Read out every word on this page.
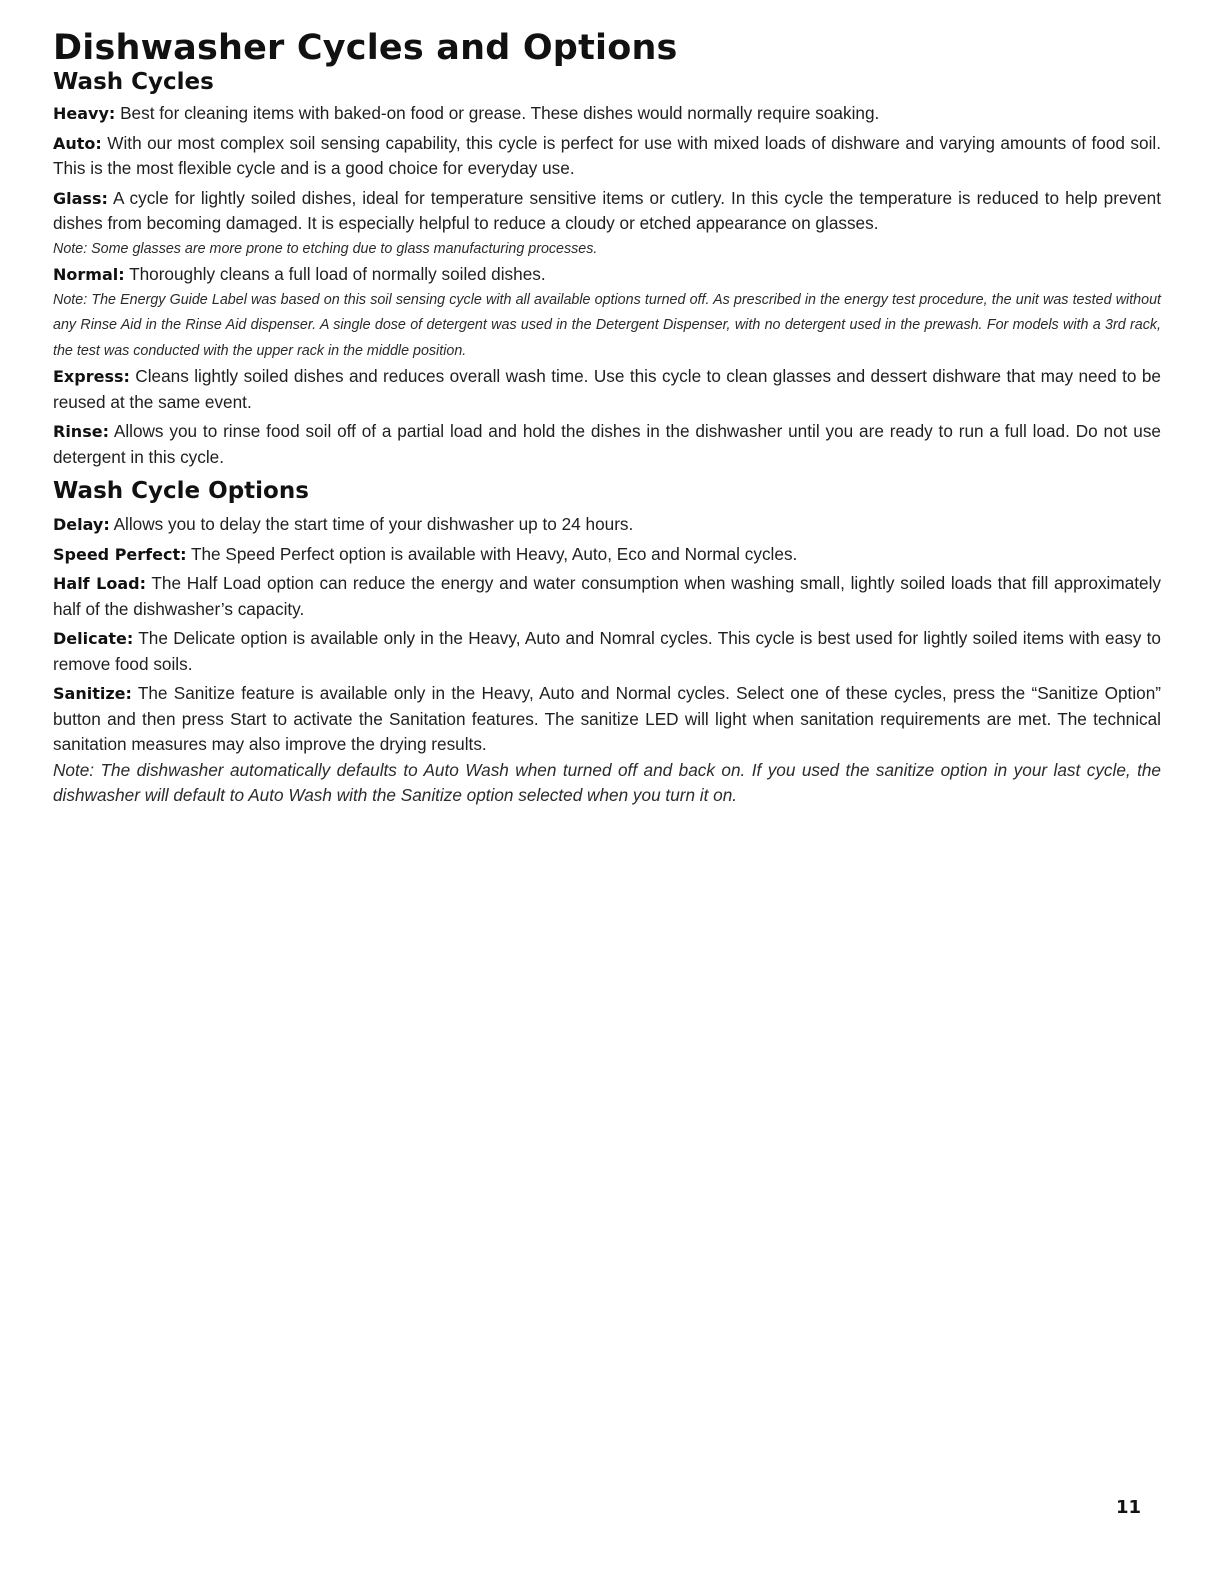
Dishwasher Cycles and Options
Wash Cycles

Heavy: Best for cleaning items with baked-on food or grease. These dishes would normally require soaking.

Auto: With our most complex soil sensing capability, this cycle is perfect for use with mixed loads of dishware and varying amounts of food soil. This is the most flexible cycle and is a good choice for everyday use.

Glass: A cycle for lightly soiled dishes, ideal for temperature sensitive items or cutlery. In this cycle the temperature is reduced to help prevent dishes from becoming damaged. It is especially helpful to reduce a cloudy or etched appearance on glasses.

Note: Some glasses are more prone to etching due to glass manufacturing processes.

Normal: Thoroughly cleans a full load of normally soiled dishes.

Note: The Energy Guide Label was based on this soil sensing cycle with all available options turned off. As prescribed in the energy test procedure, the unit was tested without any Rinse Aid in the Rinse Aid dispenser. A single dose of detergent was used in the Detergent Dispenser, with no detergent used in the prewash. For models with a 3rd rack, the test was conducted with the upper rack in the middle position.

Express: Cleans lightly soiled dishes and reduces overall wash time. Use this cycle to clean glasses and dessert dishware that may need to be reused at the same event.

Rinse: Allows you to rinse food soil off of a partial load and hold the dishes in the dishwasher until you are ready to run a full load. Do not use detergent in this cycle.

Wash Cycle Options

Delay: Allows you to delay the start time of your dishwasher up to 24 hours.

Speed Perfect: The Speed Perfect option is available with Heavy, Auto, Eco and Normal cycles.

Half Load: The Half Load option can reduce the energy and water consumption when washing small, lightly soiled loads that fill approximately half of the dishwasher’s capacity.

Delicate: The Delicate option is available only in the Heavy, Auto and Nomral cycles. This cycle is best used for lightly soiled items with easy to remove food soils.

Sanitize: The Sanitize feature is available only in the Heavy, Auto and Normal cycles. Select one of these cycles, press the “Sanitize Option” button and then press Start to activate the Sanitation features. The sanitize LED will light when sanitation requirements are met. The technical sanitation measures may also improve the drying results.

Note: The dishwasher automatically defaults to Auto Wash when turned off and back on. If you used the sanitize option in your last cycle, the dishwasher will default to Auto Wash with the Sanitize option selected when you turn it on.

11
